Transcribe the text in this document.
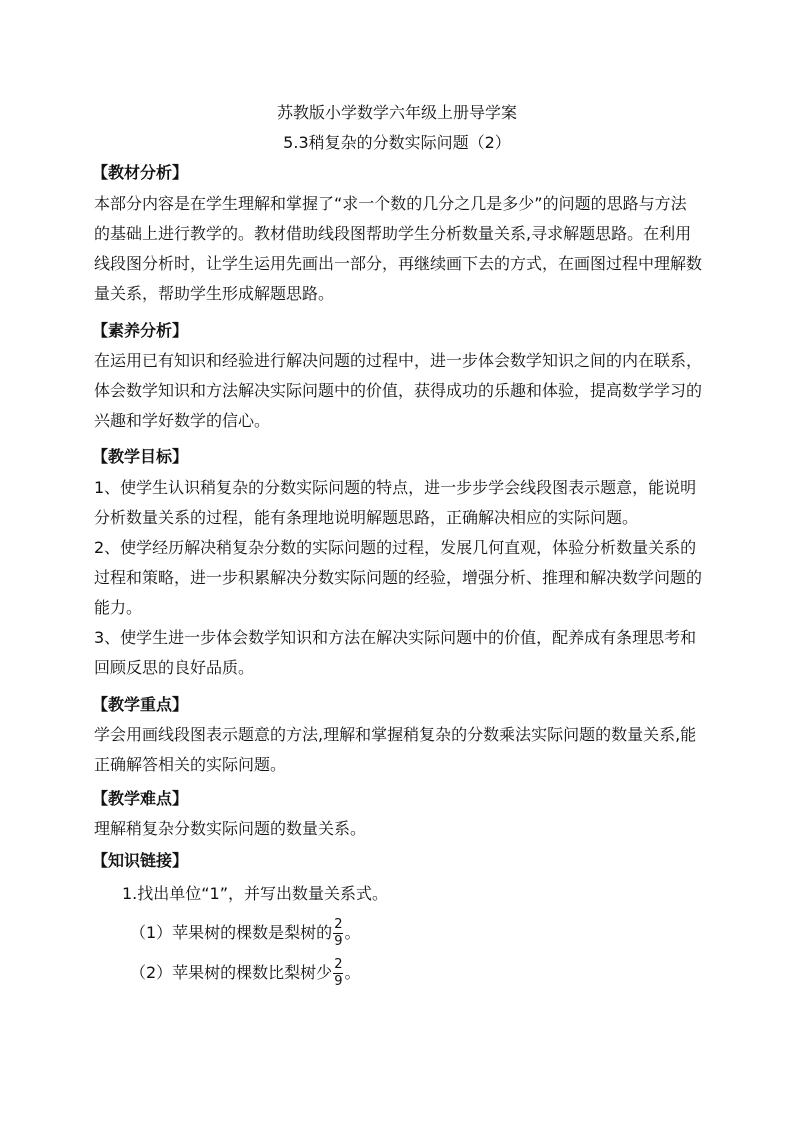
苏教版小学数学六年级上册导学案
5.3稍复杂的分数实际问题（2）
【教材分析】
本部分内容是在学生理解和掌握了“求一个数的几分之几是多少”的问题的思路与方法
的基础上进行教学的。教材借助线段图帮助学生分析数量关系,寻求解题思路。在利用
线段图分析时，让学生运用先画出一部分，再继续画下去的方式，在画图过程中理解数
量关系，帮助学生形成解题思路。
【素养分析】
在运用已有知识和经验进行解决问题的过程中，进一步体会数学知识之间的内在联系，
体会数学知识和方法解决实际问题中的价值，获得成功的乐趣和体验，提高数学学习的
兴趣和学好数学的信心。
【教学目标】
1、使学生认识稍复杂的分数实际问题的特点，进一步步学会线段图表示题意，能说明
分析数量关系的过程，能有条理地说明解题思路，正确解决相应的实际问题。
2、使学经历解决稍复杂分数的实际问题的过程，发展几何直观，体验分析数量关系的
过程和策略，进一步积累解决分数实际问题的经验，增强分析、推理和解决数学问题的
能力。
3、使学生进一步体会数学知识和方法在解决实际问题中的价值，配养成有条理思考和
回顾反思的良好品质。
【教学重点】
学会用画线段图表示题意的方法,理解和掌握稍复杂的分数乘法实际问题的数量关系,能
正确解答相关的实际问题。
【教学难点】
理解稍复杂分数实际问题的数量关系。
【知识链接】
1.找出单位“1”，并写出数量关系式。
（1）苹果树的棵数是梨树的 $\frac{2}{9}$ 。
（2）苹果树的棵数比梨树少 $\frac{2}{9}$ 。
